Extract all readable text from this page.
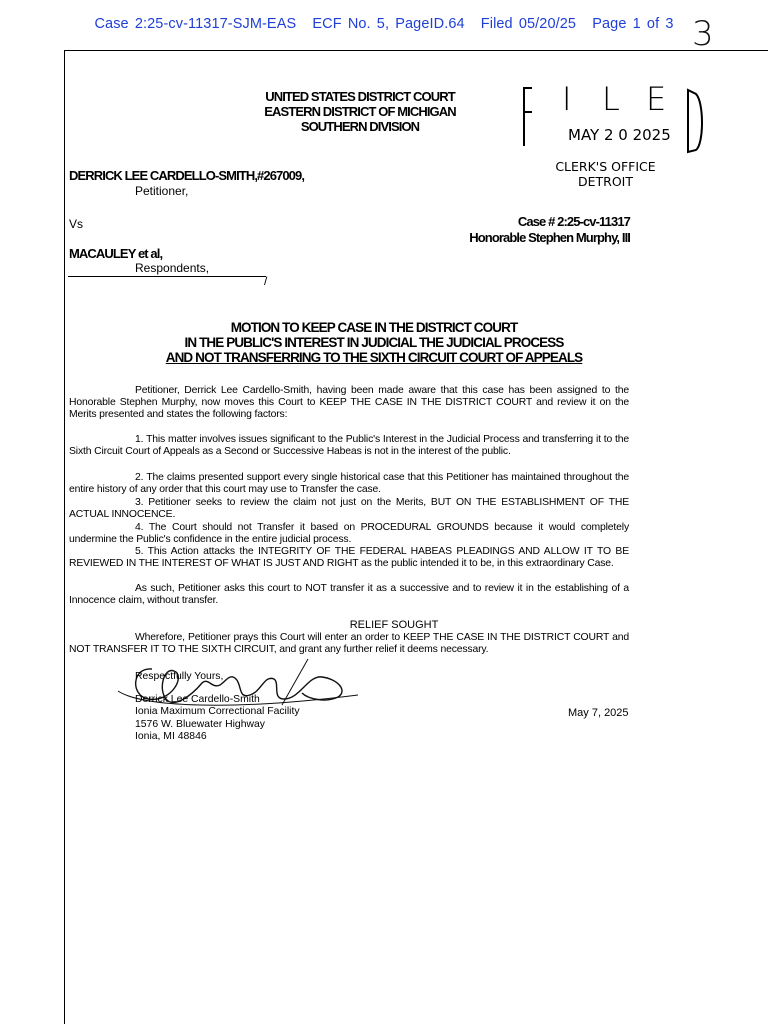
Case 2:25-cv-11317-SJM-EAS ECF No. 5, PageID.64 Filed 05/20/25 Page 1 of 3 3
UNITED STATES DISTRICT COURT
EASTERN DISTRICT OF MICHIGAN
SOUTHERN DIVISION
I L E
MAY 2 0 2025
CLERK'S OFFICE
DETROIT
DERRICK LEE CARDELLO-SMITH,#267009,
Petitioner,
Vs	Case # 2:25-cv-11317
Honorable Stephen Murphy, III
MACAULEY et al,
Respondents,
/
MOTION TO KEEP CASE IN THE DISTRICT COURT
IN THE PUBLIC'S INTEREST IN JUDICIAL THE JUDICIAL PROCESS
AND NOT TRANSFERRING TO THE SIXTH CIRCUIT COURT OF APPEALS
Petitioner, Derrick Lee Cardello-Smith, having been made aware that this case has been assigned to the Honorable Stephen Murphy, now moves this Court to KEEP THE CASE IN THE DISTRICT COURT and review it on the Merits presented and states the following factors:
1. This matter involves issues significant to the Public's Interest in the Judicial Process and transferring it to the Sixth Circuit Court of Appeals as a Second or Successive Habeas is not in the interest of the public.
2. The claims presented support every single historical case that this Petitioner has maintained throughout the entire history of any order that this court may use to Transfer the case.
3. Petitioner seeks to review the claim not just on the Merits, BUT ON THE ESTABLISHMENT OF THE ACTUAL INNOCENCE.
4. The Court should not Transfer it based on PROCEDURAL GROUNDS because it would completely undermine the Public's confidence in the entire judicial process.
5. This Action attacks the INTEGRITY OF THE FEDERAL HABEAS PLEADINGS AND ALLOW IT TO BE REVIEWED IN THE INTEREST OF WHAT IS JUST AND RIGHT as the public intended it to be, in this extraordinary Case.
As such, Petitioner asks this court to NOT transfer it as a successive and to review it in the establishing of a Innocence claim, without transfer.
RELIEF SOUGHT
Wherefore, Petitioner prays this Court will enter an order to KEEP THE CASE IN THE DISTRICT COURT and NOT TRANSFER IT TO THE SIXTH CIRCUIT, and grant any further relief it deems necessary.
Respectfully Yours,
Derrick Lee Cardello-Smith
Ionia Maximum Correctional Facility
1576 W. Bluewater Highway
Ionia, MI 48846
May 7, 2025
